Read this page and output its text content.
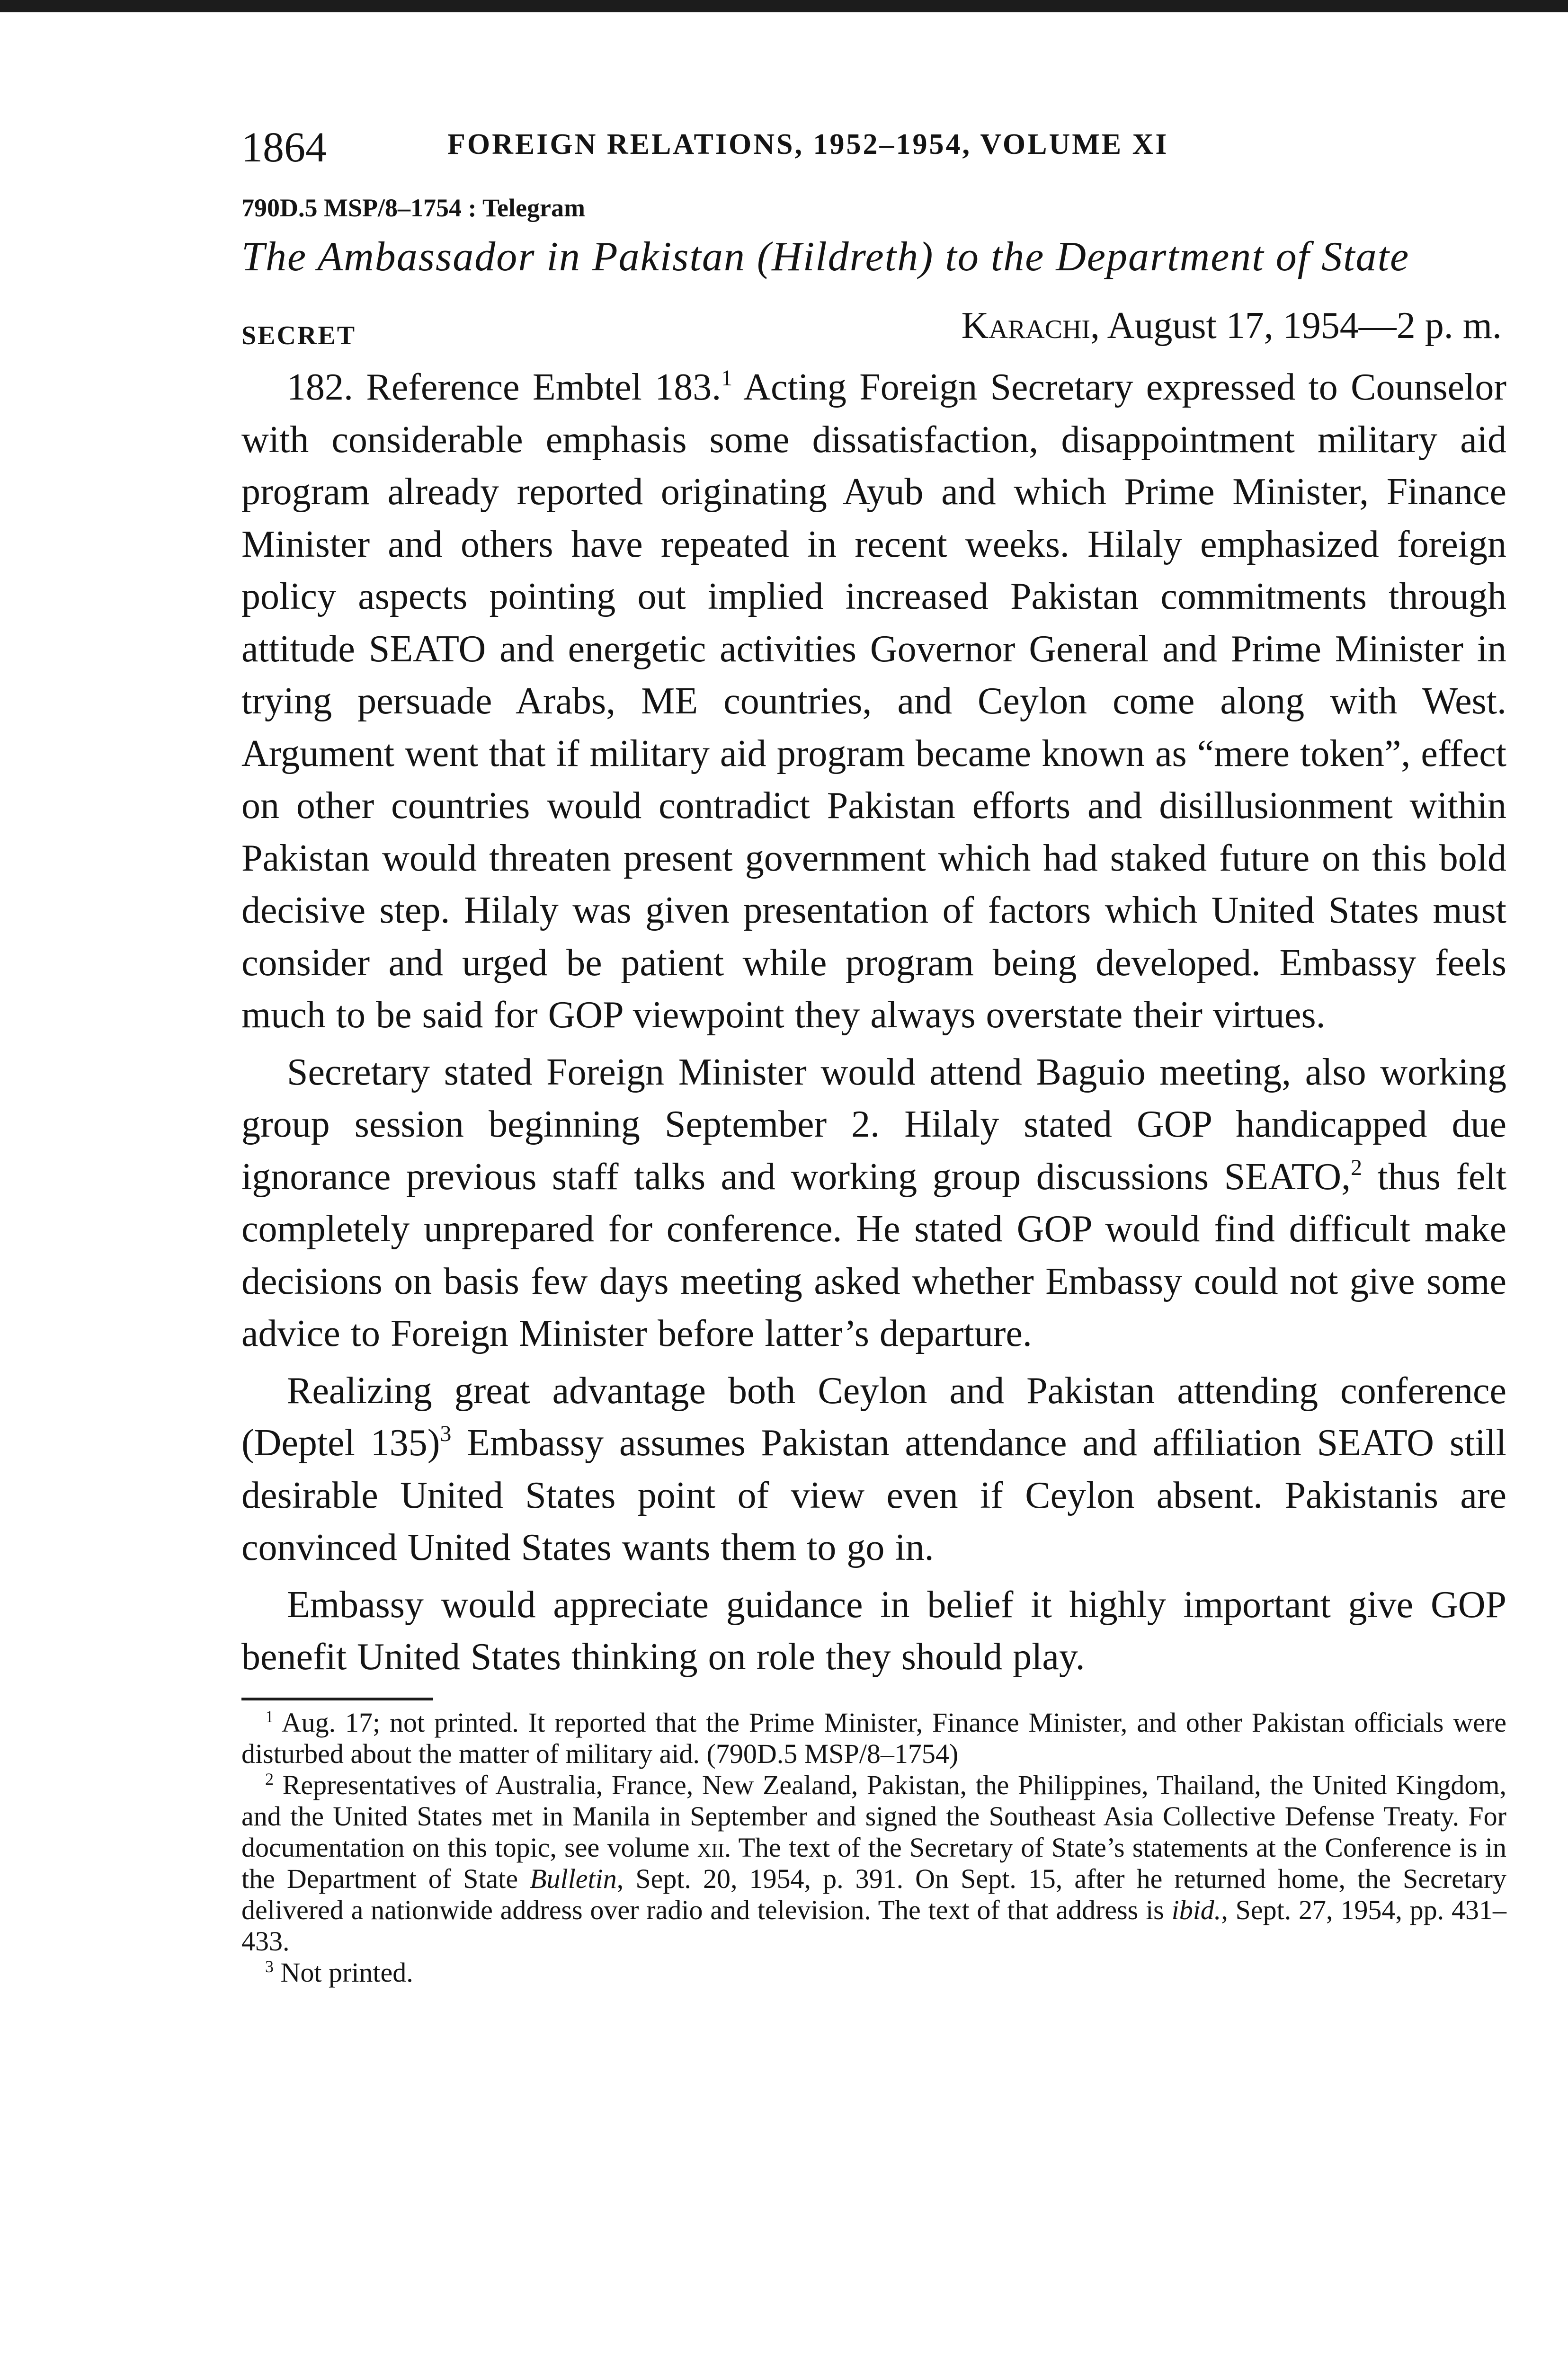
1864	FOREIGN RELATIONS, 1952–1954, VOLUME XI
790D.5 MSP/8–1754 : Telegram
The Ambassador in Pakistan (Hildreth) to the Department of State
SECRET	Karachi, August 17, 1954—2 p. m.

182. Reference Embtel 183.$^1$ Acting Foreign Secretary expressed to Counselor with considerable emphasis some dissatisfaction, disappointment military aid program already reported originating Ayub and which Prime Minister, Finance Minister and others have repeated in recent weeks. Hilaly emphasized foreign policy aspects pointing out implied increased Pakistan commitments through attitude SEATO and energetic activities Governor General and Prime Minister in trying persuade Arabs, ME countries, and Ceylon come along with West. Argument went that if military aid program became known as “mere token”, effect on other countries would contradict Pakistan efforts and disillusionment within Pakistan would threaten present government which had staked future on this bold decisive step. Hilaly was given presentation of factors which United States must consider and urged be patient while program being developed. Embassy feels much to be said for GOP viewpoint they always overstate their virtues.

Secretary stated Foreign Minister would attend Baguio meeting, also working group session beginning September 2. Hilaly stated GOP handicapped due ignorance previous staff talks and working group discussions SEATO,$^2$ thus felt completely unprepared for conference. He stated GOP would find difficult make decisions on basis few days meeting asked whether Embassy could not give some advice to Foreign Minister before latter’s departure.

Realizing great advantage both Ceylon and Pakistan attending conference (Deptel 135)$^3$ Embassy assumes Pakistan attendance and affiliation SEATO still desirable United States point of view even if Ceylon absent. Pakistanis are convinced United States wants them to go in.

Embassy would appreciate guidance in belief it highly important give GOP benefit United States thinking on role they should play.

$^1$ Aug. 17; not printed. It reported that the Prime Minister, Finance Minister, and other Pakistan officials were disturbed about the matter of military aid. (790D.5 MSP/8–1754)

$^2$ Representatives of Australia, France, New Zealand, Pakistan, the Philippines, Thailand, the United Kingdom, and the United States met in Manila in September and signed the Southeast Asia Collective Defense Treaty. For documentation on this topic, see volume xii. The text of the Secretary of State’s statements at the Conference is in the Department of State Bulletin, Sept. 20, 1954, p. 391. On Sept. 15, after he returned home, the Secretary delivered a nationwide address over radio and television. The text of that address is ibid., Sept. 27, 1954, pp. 431–433.

$^3$ Not printed.
